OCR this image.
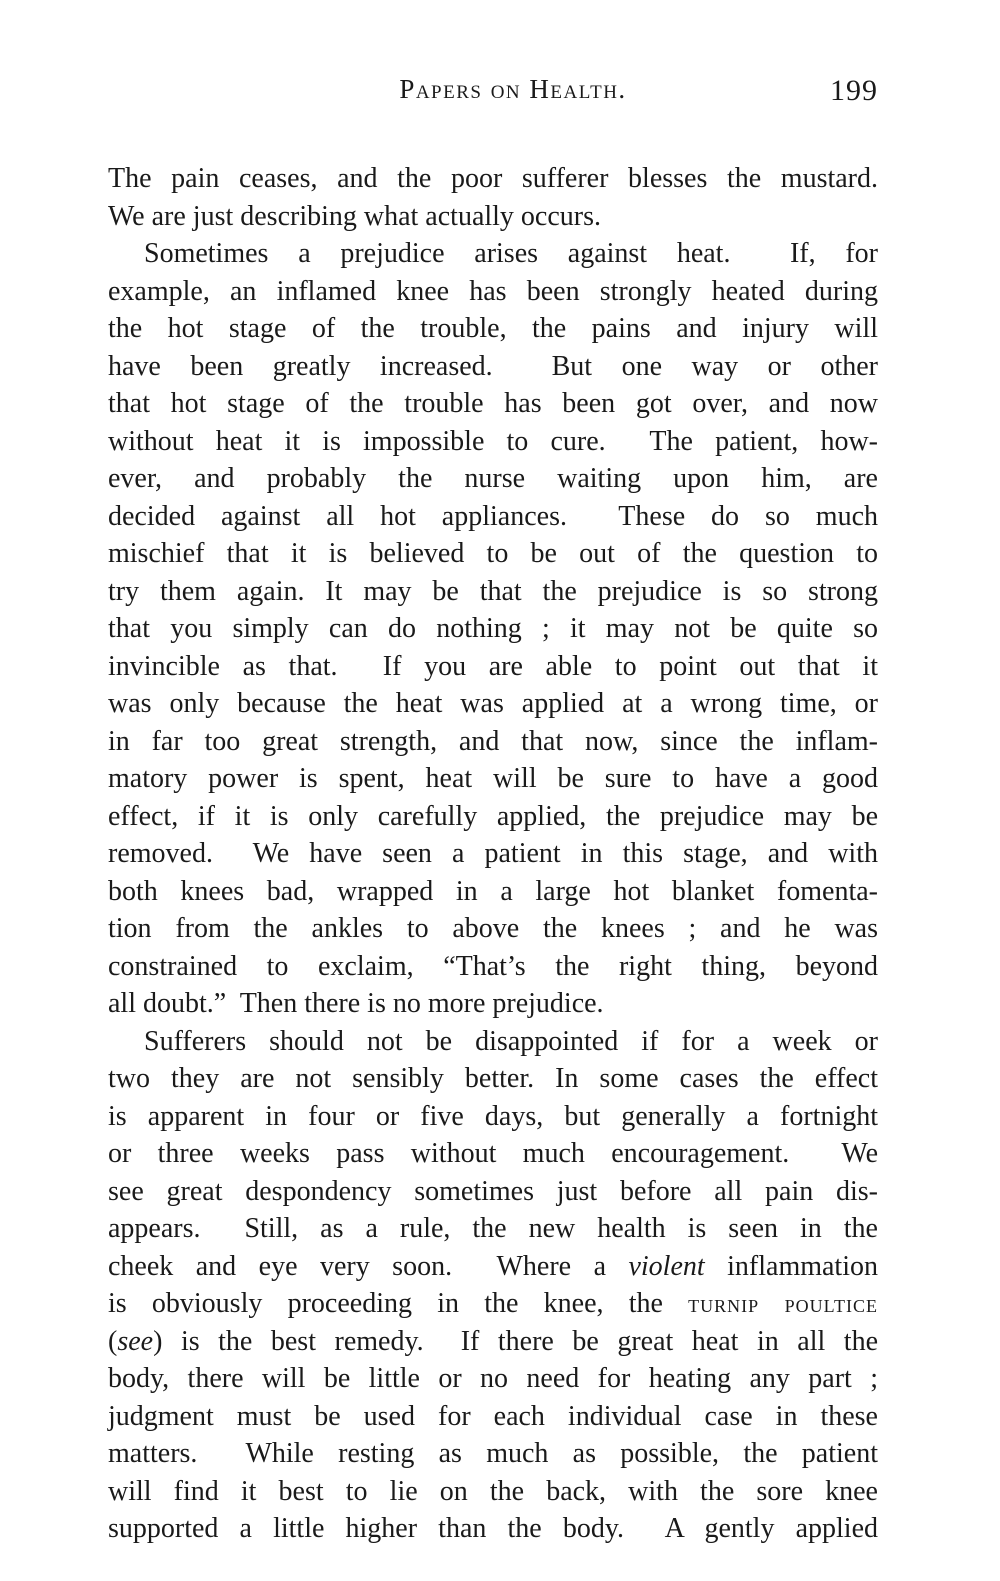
Papers on Health.	199
The pain ceases, and the poor sufferer blesses the mustard.
We are just describing what actually occurs.
Sometimes a prejudice arises against heat.  If, for
example, an inflamed knee has been strongly heated during
the hot stage of the trouble, the pains and injury will
have been greatly increased.  But one way or other
that hot stage of the trouble has been got over, and now
without heat it is impossible to cure.  The patient, how-
ever, and probably the nurse waiting upon him, are
decided against all hot appliances.  These do so much
mischief that it is believed to be out of the question to
try them again. It may be that the prejudice is so strong
that you simply can do nothing ; it may not be quite so
invincible as that.  If you are able to point out that it
was only because the heat was applied at a wrong time, or
in far too great strength, and that now, since the inflam-
matory power is spent, heat will be sure to have a good
effect, if it is only carefully applied, the prejudice may be
removed.  We have seen a patient in this stage, and with
both knees bad, wrapped in a large hot blanket fomenta-
tion from the ankles to above the knees ; and he was
constrained to exclaim, “That’s the right thing, beyond
all doubt.”  Then there is no more prejudice.
Sufferers should not be disappointed if for a week or
two they are not sensibly better. In some cases the effect
is apparent in four or five days, but generally a fortnight
or three weeks pass without much encouragement.  We
see great despondency sometimes just before all pain dis-
appears.  Still, as a rule, the new health is seen in the
cheek and eye very soon.  Where a violent inflammation
is obviously proceeding in the knee, the turnip poultice
(see) is the best remedy.  If there be great heat in all the
body, there will be little or no need for heating any part ;
judgment must be used for each individual case in these
matters.  While resting as much as possible, the patient
will find it best to lie on the back, with the sore knee
supported a little higher than the body.  A gently applied
